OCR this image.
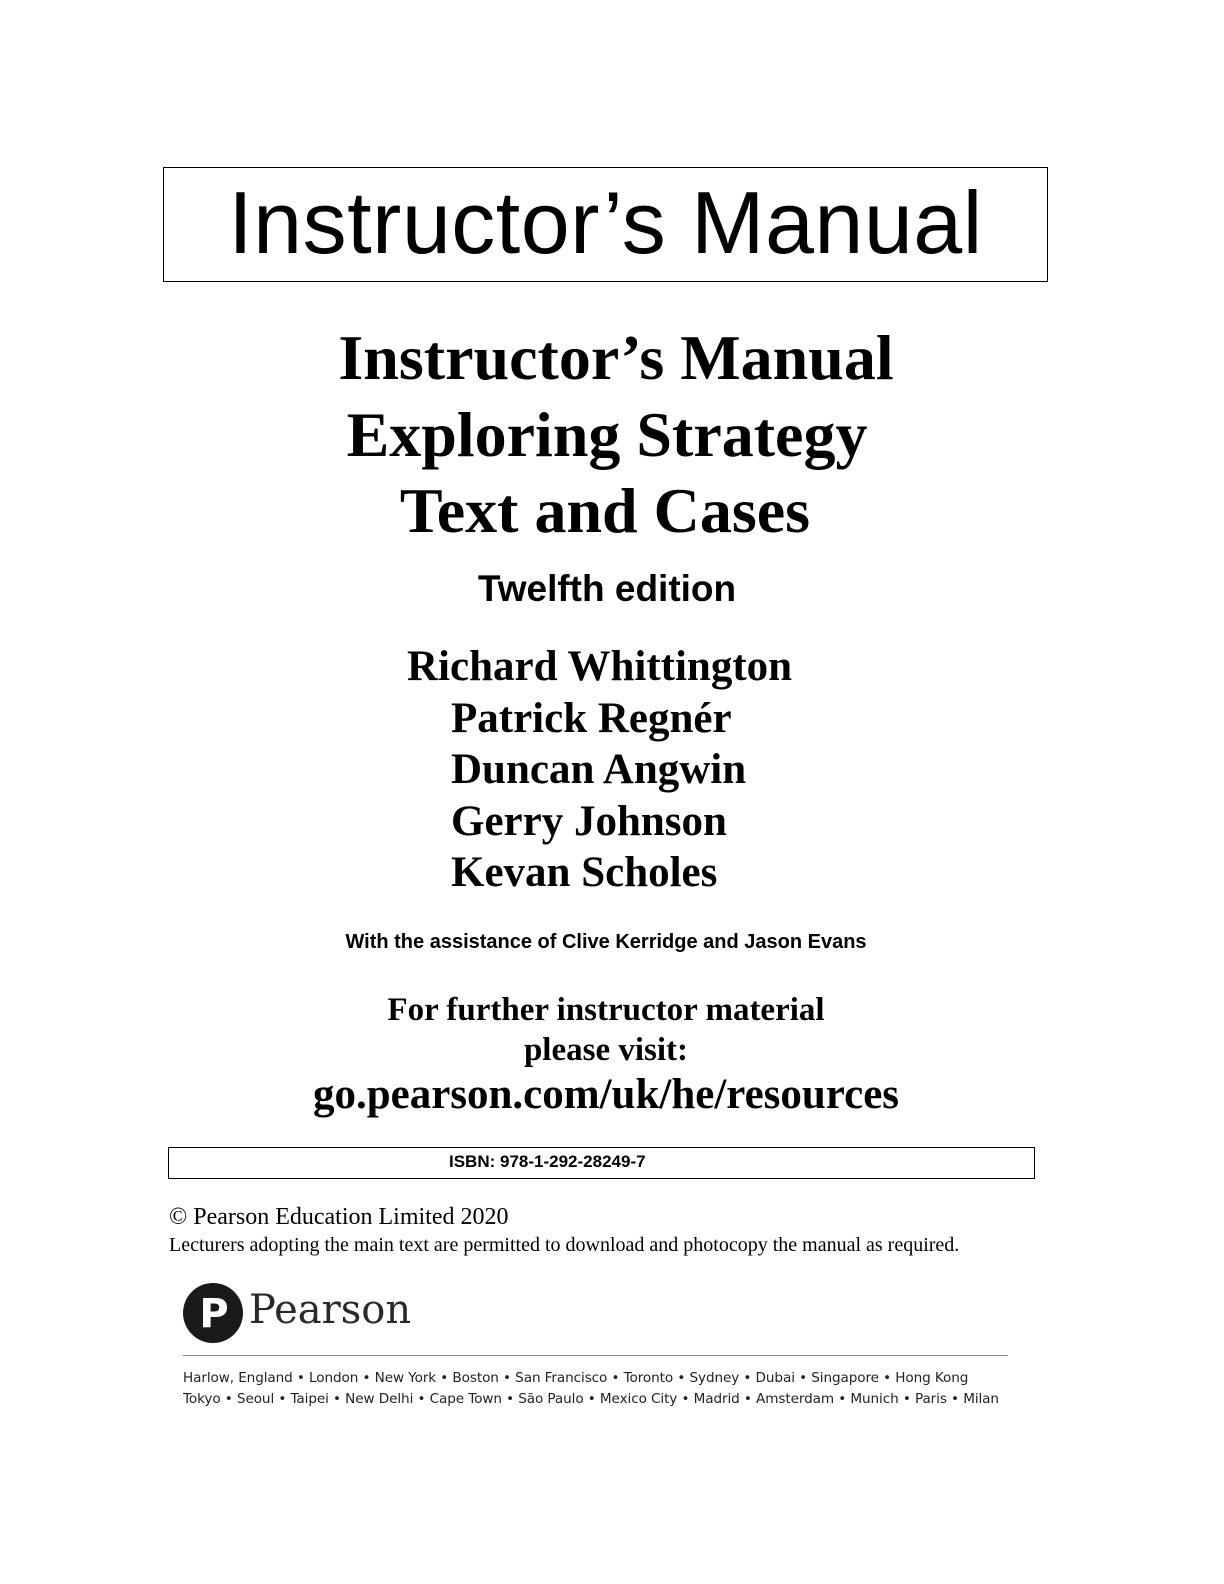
Instructor’s Manual
Instructor’s Manual
Exploring Strategy
Text and Cases
Twelfth edition
Richard Whittington
Patrick Regnér
Duncan Angwin
Gerry Johnson
Kevan Scholes
With the assistance of Clive Kerridge and Jason Evans
For further instructor material
please visit:
go.pearson.com/uk/he/resources
ISBN: 978-1-292-28249-7
© Pearson Education Limited 2020
Lecturers adopting the main text are permitted to download and photocopy the manual as required.
P Pearson
Harlow, England • London • New York • Boston • San Francisco • Toronto • Sydney • Dubai • Singapore • Hong Kong
Tokyo • Seoul • Taipei • New Delhi • Cape Town • São Paulo • Mexico City • Madrid • Amsterdam • Munich • Paris • Milan
